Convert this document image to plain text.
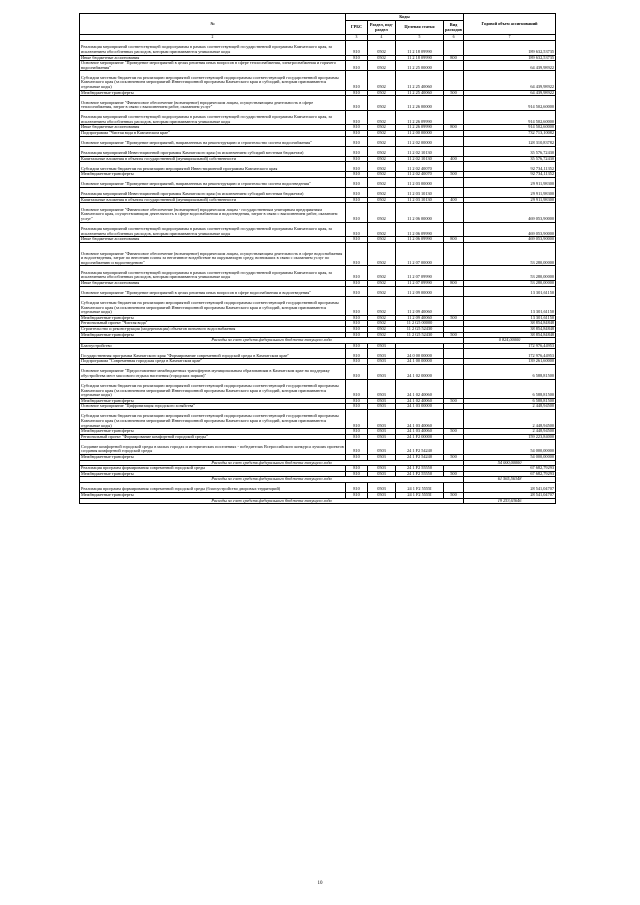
№	Коды				Годовой объем ассигнований
	ГРБС	Раздел, под-раздел	Целевая статья	Вид расходов	
2	3	4	5	6	7
Реализация мероприятий соответствующей подпрограммы в рамках соответствующей государственной программы Камчатского края, за исключением обособленных расходов, которым присваиваются уникальные коды	810	0502	11 2 18 09990		189 632,53735
Иные бюджетные ассигнования	810	0502	11 2 18 09990	800	189 632,53735
Основное мероприятие "Проведение мероприятий в целях решения иных вопросов в сфере теплоснабжения, электроснабжения и горячего водоснабжения"	810	0502	11 2 25 00000		64 439,98922
Субсидии местным бюджетам на реализацию мероприятий соответствующей подпрограммы соответствующей государственной программы Камчатского края (за исключением мероприятий Инвестиционной программы Камчатского края и субсидий, которым присваиваются отдельные коды)	810	0502	11 2 25 40060		64 439,98922
Межбюджетные трансферты	810	0502	11 2 25 40060	500	64 439,98922
Основное мероприятие "Финансовое обеспечение (возмещение) юридическим лицам, осуществляющим деятельность в сфере теплоснабжения, затрат в связи с выполнением работ, оказанием услуг"	810	0502	11 2 26 00000		914 502,60000
Реализация мероприятий соответствующей подпрограммы в рамках соответствующей государственной программы Камчатского края, за исключением обособленных расходов, которым присваиваются уникальные коды	810	0502	11 2 26 09990		914 502,60000
Иные бюджетные ассигнования	810	0502	11 2 26 09990	800	914 502,60000
Подпрограмма "Чистая вода в Камчатском крае"	810	0502	11 2 00 00000		732 713,10082
Основное мероприятие "Проведение мероприятий, направленных на реконструкцию и строительство систем водоснабжения"	810	0502	11 2 02 00000		128 310,83782
Реализация мероприятий Инвестиционной программы Камчатского края (за исключением субсидий местным бюджетам)	810	0502	11 2 02 10130		35 576,72430
Капитальные вложения в объекты государственной (муниципальной) собственности	810	0502	11 2 02 10130	400	35 576,72430
Субсидии местным бюджетам на реализацию мероприятий Инвестиционной программы Камчатского края	810	0502	11 2 02 40070		92 734,11352
Межбюджетные трансферты	810	0502	11 2 02 40070	500	92 734,11352
Основное мероприятие "Проведение мероприятий, направленных на реконструкцию и строительство систем водоотведения"	810	0502	11 2 03 00000		29 911,98300
Реализация мероприятий Инвестиционной программы Камчатского края (за исключением субсидий местным бюджетам)	810	0502	11 2 03 10130		29 911,98300
Капитальные вложения в объекты государственной (муниципальной) собственности	810	0502	11 2 03 10130	400	29 911,98300
Основное мероприятие "Финансовое обеспечение (возмещение) юридическим лицам - государственным унитарным предприятиям Камчатского края, осуществляющим деятельность в сфере водоснабжения и водоотведения, затрат в связи с выполнением работ, оказанием услуг"	810	0502	11 2 06 00000		469 053,90000
Реализация мероприятий соответствующей подпрограммы в рамках соответствующей государственной программы Камчатского края, за исключением обособленных расходов, которым присваиваются уникальные коды	810	0502	11 2 06 09990		469 053,90000
Иные бюджетные ассигнования	810	0502	11 2 06 09990	800	469 053,90000
Основное мероприятие "Финансовое обеспечение (возмещение) юридическим лицам, осуществляющим деятельность в сфере водоснабжения и водоотведения, затрат по внесению платы за негативное воздействие на окружающую среду, возникших в связи с оказанием услуг по водоснабжению и водоотведению"	810	0502	11 2 07 00000		53 280,00000
Реализация мероприятий соответствующей подпрограммы в рамках соответствующей государственной программы Камчатского края, за исключением обособленных расходов, которым присваиваются уникальные коды	810	0502	11 2 07 09990		53 280,00000
Иные бюджетные ассигнования	810	0502	11 2 07 09990	800	53 280,00000
Основное мероприятие "Проведение мероприятий в целях решения иных вопросов в сфере водоснабжения и водоотведения"	810	0502	11 2 09 00000		13 301,61150
Субсидии местным бюджетам на реализацию мероприятий соответствующей подпрограммы соответствующей государственной программы Камчатского края (за исключением мероприятий Инвестиционной программы Камчатского края и субсидий, которым присваиваются отдельные коды)	810	0502	11 2 09 40060		13 301,61150
Межбюджетные трансферты	810	0502	11 2 09 40060	500	13 301,61150
Региональный проект "Чистая вода"	810	0502	11 2 G5 00000		38 854,84848
Строительство и реконструкция (модернизация) объектов питьевого водоснабжения	810	0502	11 2 G5 52430		38 854,84848
Межбюджетные трансферты	810	0502	11 2 G5 52430	500	38 854,84848
Расходы за счет средств федерального бюджета текущего года					0 824,00000
Благоустройство	810	0503			172 976,44953
Государственная программа Камчатского края "Формирование современной городской среды в Камчатском крае"	810	0503	24 0 00 00000		172 976,44953
Подпрограмма "Современная городская среда в Камчатском крае"	810	0503	24 1 00 00000		139 261,60000
Основное мероприятие "Предоставление межбюджетных трансфертов муниципальным образованиям в Камчатском крае на поддержку обустройства мест массового отдыха населения (городских парков)"	810	0503	24 1 02 00000		6 588,81500
Субсидии местным бюджетам на реализацию мероприятий соответствующей подпрограммы соответствующей государственной программы Камчатского края (за исключением мероприятий Инвестиционной программы Камчатского края и субсидий, которым присваиваются отдельные коды)	810	0503	24 1 02 40060		6 588,81500
Межбюджетные трансферты	810	0503	24 1 02 40060	500	6 588,81500
Основное мероприятие "Цифровизация городского хозяйства"	810	0503	24 1 03 00000		2 448,94500
Субсидии местным бюджетам на реализацию мероприятий соответствующей подпрограммы соответствующей государственной программы Камчатского края (за исключением мероприятий Инвестиционной программы Камчатского края и субсидий, которым присваиваются отдельные коды)	810	0503	24 1 03 40060		2 448,94500
Межбюджетные трансферты	810	0503	24 1 03 40060	500	2 448,94500
Региональный проект "Формирование комфортной городской среды"	810	0503	24 1 F2 00000		159 223,84000
Создание комфортной городской среды в малых городах и исторических поселениях - победителях Всероссийского конкурса лучших проектов создания комфортной городской среды	810	0503	24 1 F2 54240		54 000,00000
Межбюджетные трансферты	810	0503	24 1 F2 54240	500	54 000,00000
Расходы за счет средств федерального бюджета текущего года					54 000,00000
Реализация программ формирования современной городской среды	810	0503	24 1 F2 55550		67 682,79293
Межбюджетные трансферты	810	0503	24 1 F2 55550	500	67 682,79293
Расходы за счет средств федерального бюджета текущего года					61 565,56348
Реализация программ формирования современной городской среды (благоустройство дворовых территорий)	810	0503	24 1 F2 5555I		28 541,04707
Межбюджетные трансферты	810	0503	24 1 F2 5555I	500	28 541,04707
Расходы за счет средств федерального бюджета текущего года					19 253,63646
10
